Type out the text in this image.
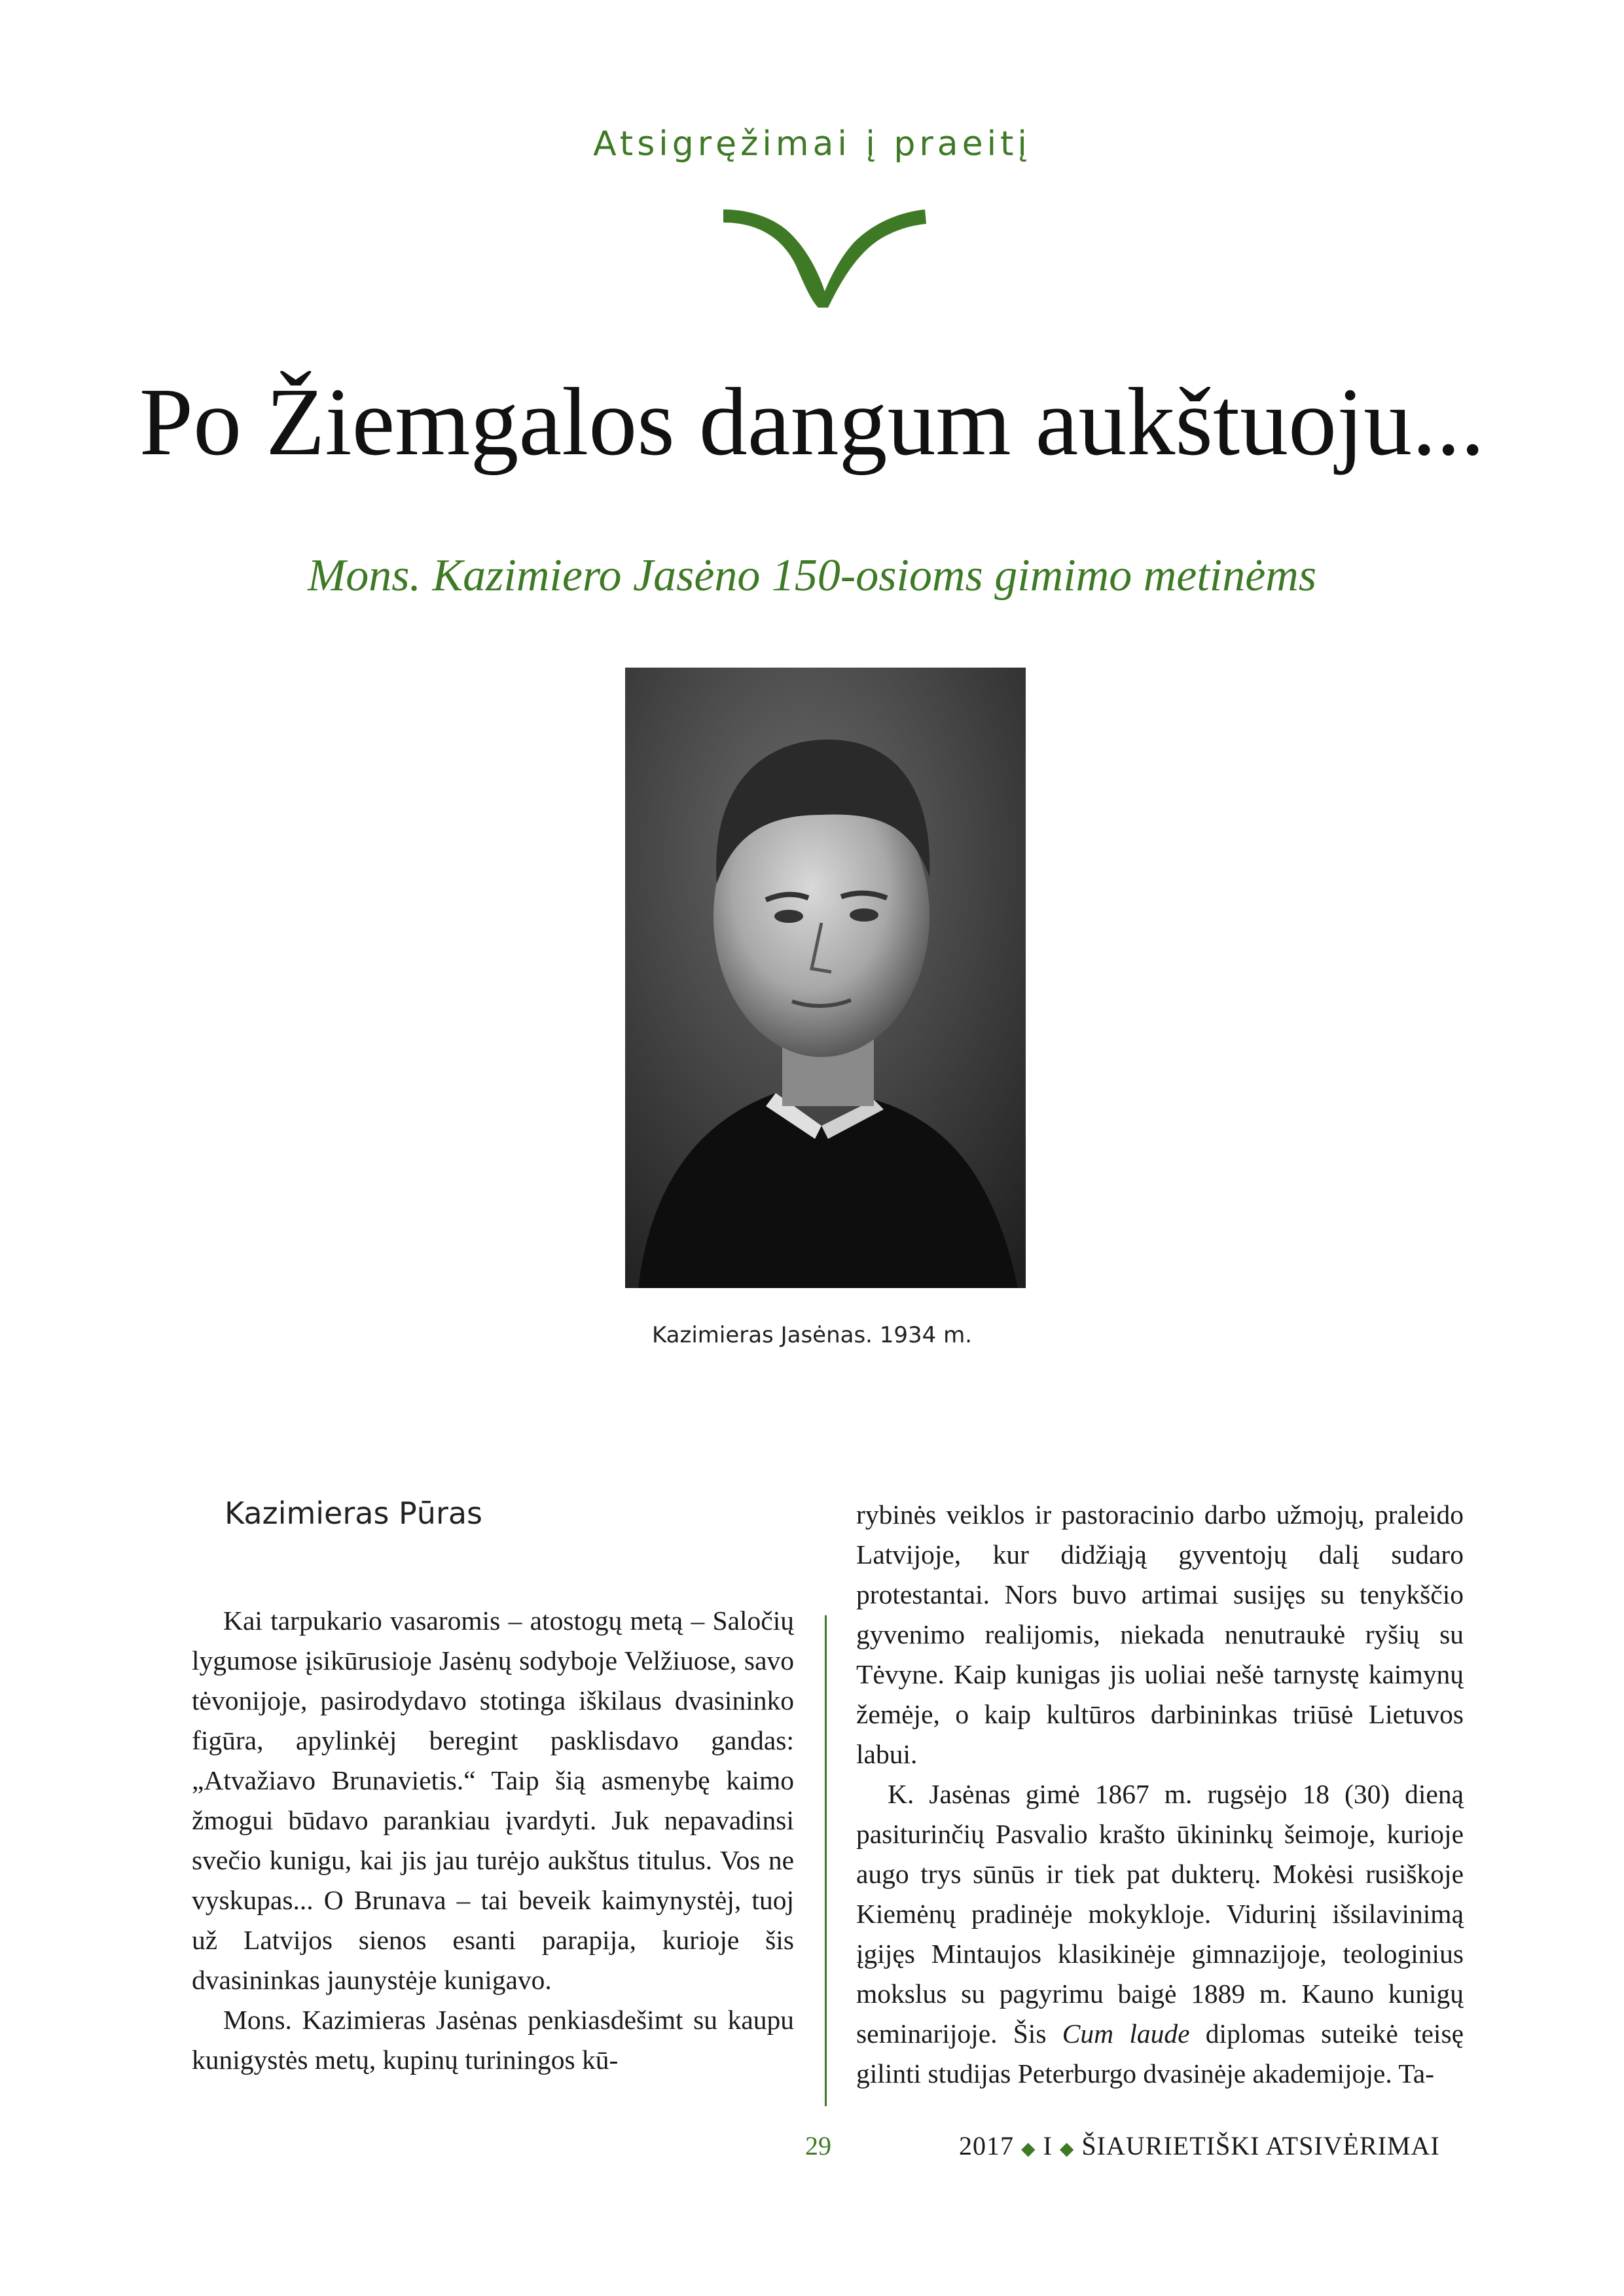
Atsigręžimai į praeitį
Po Žiemgalos dangum aukštuoju...
Mons. Kazimiero Jasėno 150-osioms gimimo metinėms
Kazimieras Jasėnas. 1934 m.
Kazimieras Pūras

Kai tarpukario vasaromis – atostogų metą – Saločių lygumose įsikūrusioje Jasėnų sodyboje Velžiuose, savo tėvonijoje, pasirodydavo stotinga iškilaus dvasininko figūra, apylinkėj beregint pasklisdavo gandas: „Atvažiavo Brunavietis.“ Taip šią asmenybę kaimo žmogui būdavo parankiau įvardyti. Juk nepavadinsi svečio kunigu, kai jis jau turėjo aukštus titulus. Vos ne vyskupas... O Brunava – tai beveik kaimynystėj, tuoj už Latvijos sienos esanti parapija, kurioje šis dvasininkas jaunystėje kunigavo.

Mons. Kazimieras Jasėnas penkiasdešimt su kaupu kunigystės metų, kupinų turiningos kū-

rybinės veiklos ir pastoracinio darbo užmojų, praleido Latvijoje, kur didžiąją gyventojų dalį sudaro protestantai. Nors buvo artimai susijęs su tenykščio gyvenimo realijomis, niekada nenutraukė ryšių su Tėvyne. Kaip kunigas jis uoliai nešė tarnystę kaimynų žemėje, o kaip kultūros darbininkas triūsė Lietuvos labui.

K. Jasėnas gimė 1867 m. rugsėjo 18 (30) dieną pasiturinčių Pasvalio krašto ūkininkų šeimoje, kurioje augo trys sūnūs ir tiek pat dukterų. Mokėsi rusiškoje Kiemėnų pradinėje mokykloje. Vidurinį išsilavinimą įgijęs Mintaujos klasikinėje gimnazijoje, teologinius mokslus su pagyrimu baigė 1889 m. Kauno kunigų seminarijoje. Šis Cum laude diplomas suteikė teisę gilinti studijas Peterburgo dvasinėje akademijoje. Ta-

29	2017 ◆ I ◆ ŠIAURIETIŠKI ATSIVĖRIMAI
